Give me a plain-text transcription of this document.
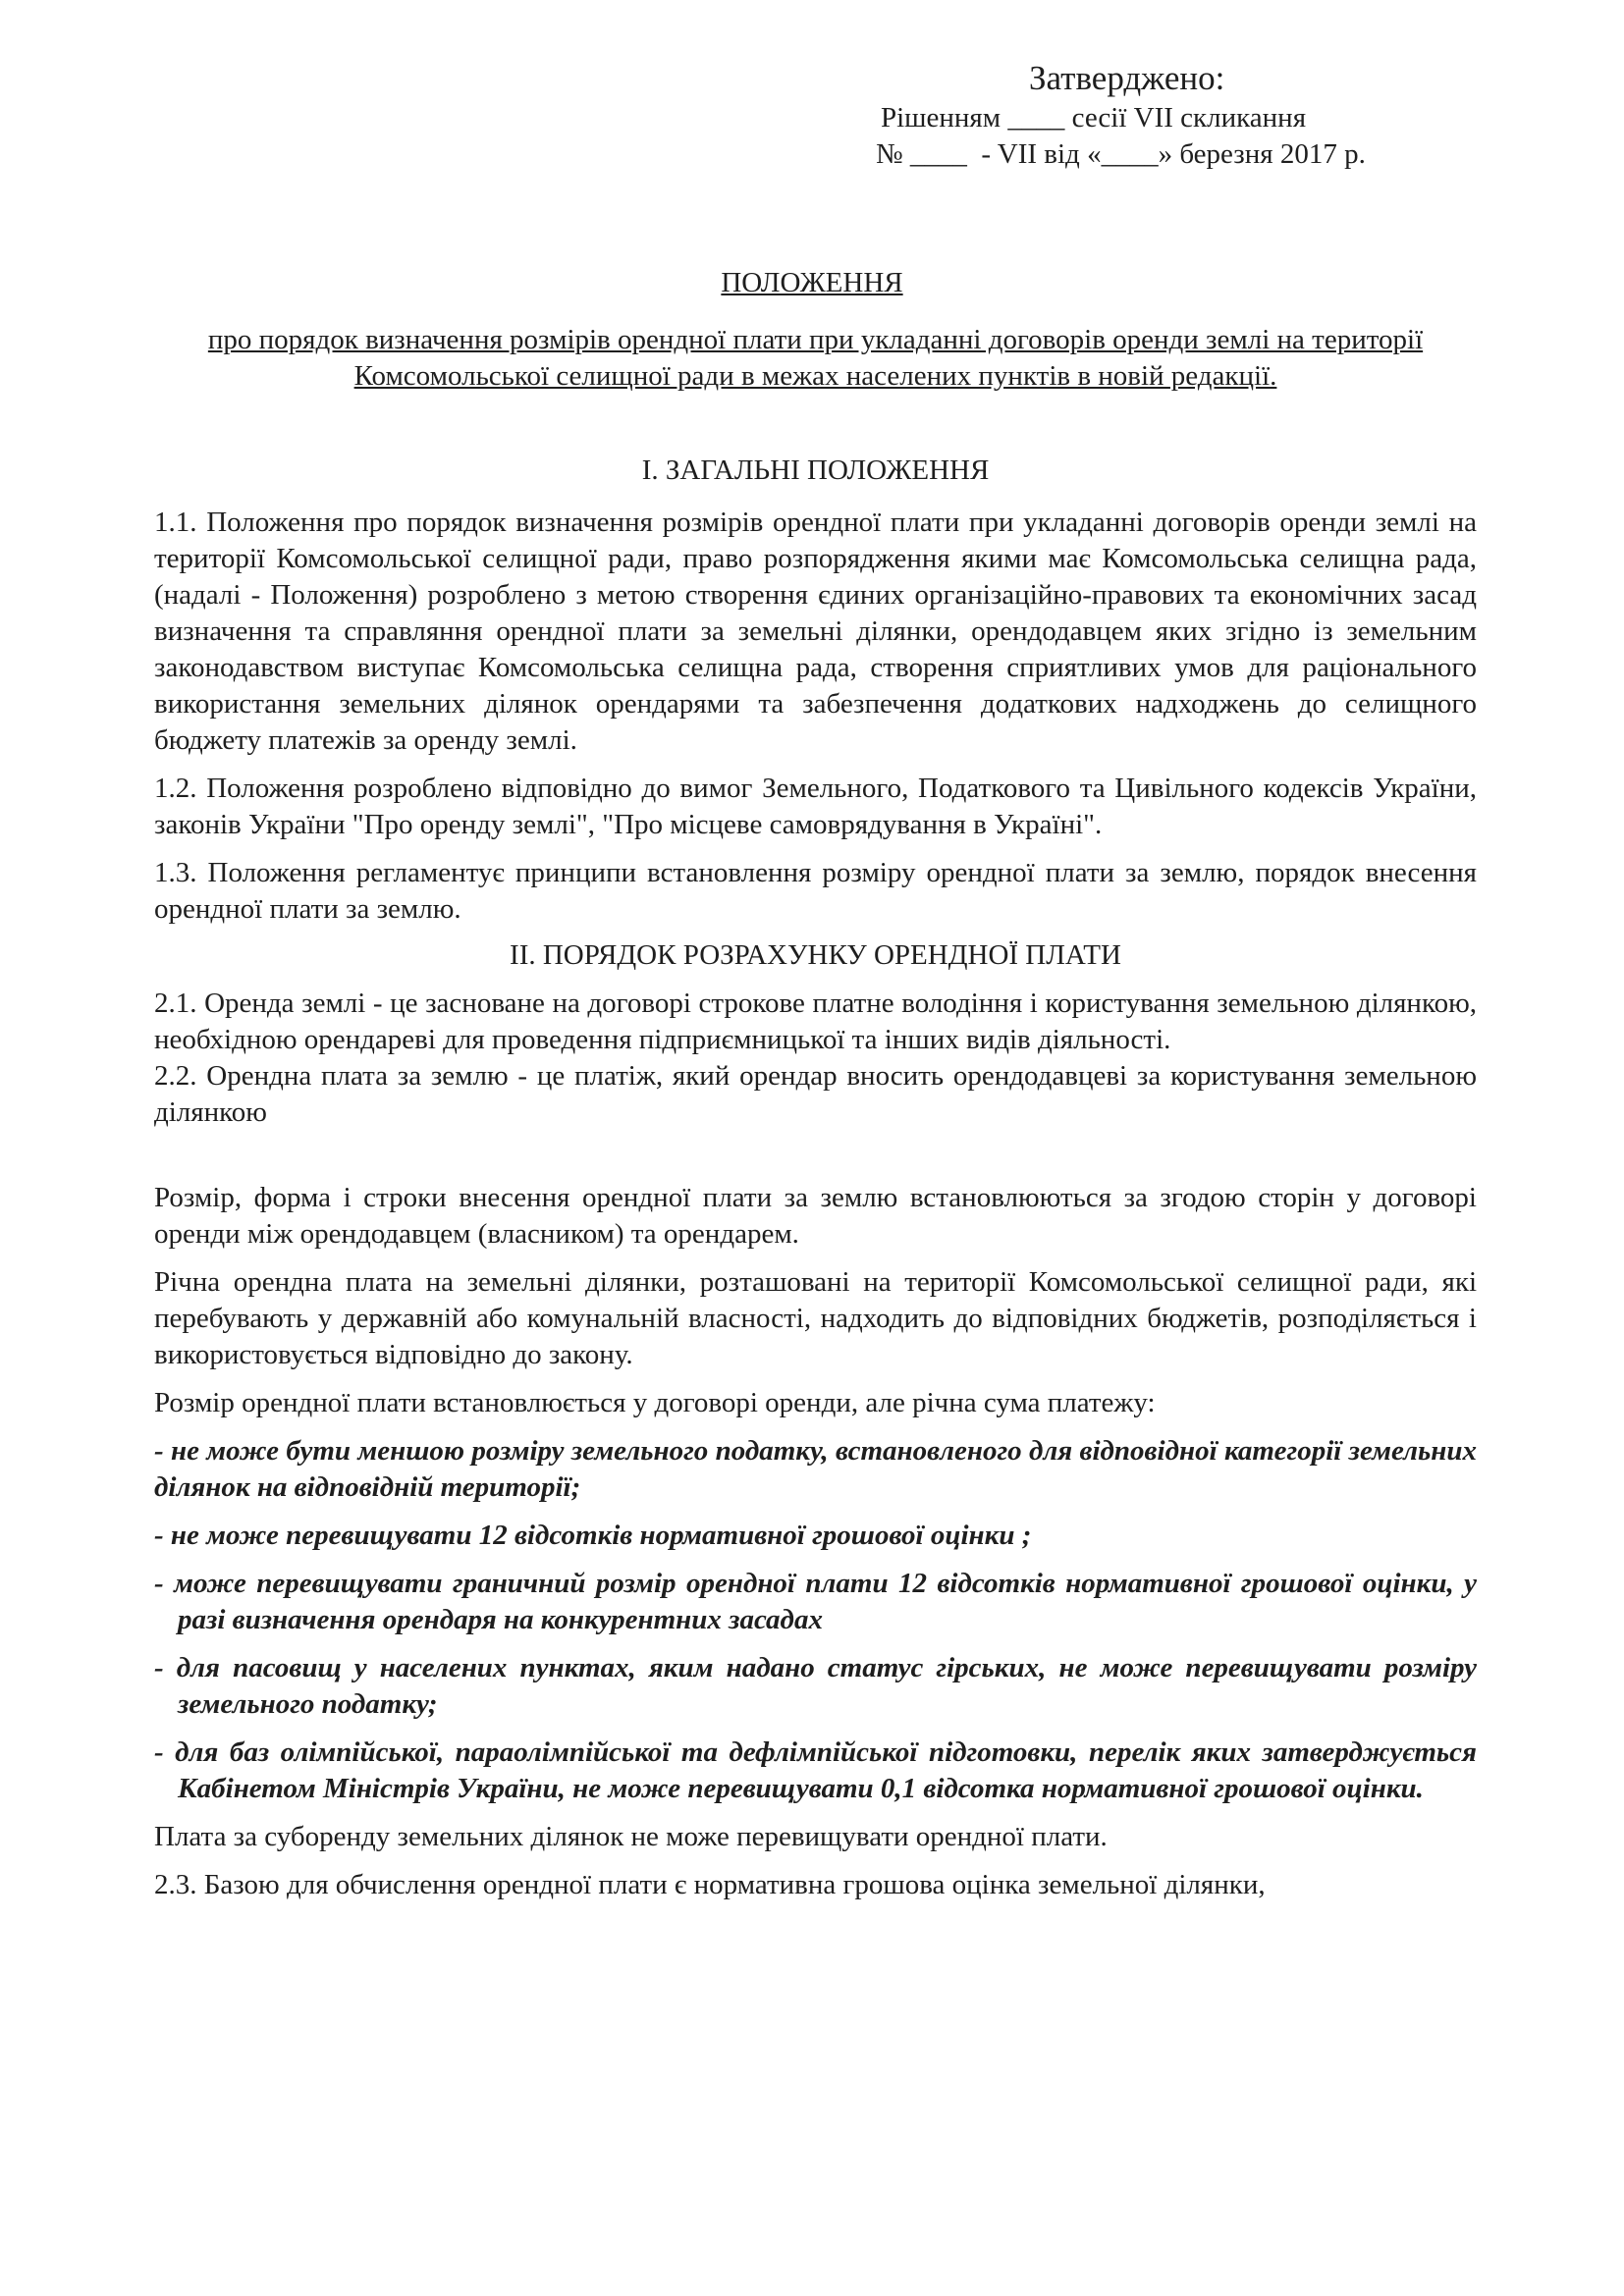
Затверджено:
Рішенням ____ сесії VII скликання
№ ____  - VII від «____» березня 2017 р.
ПОЛОЖЕННЯ
про порядок визначення розмірів орендної плати при укладанні договорів оренди землі на території Комсомольської селищної ради в межах населених пунктів в новій редакції.
І. ЗАГАЛЬНІ ПОЛОЖЕННЯ

1.1. Положення про порядок визначення розмірів орендної плати при укладанні договорів оренди землі на території Комсомольської селищної ради, право розпорядження якими має Комсомольська селищна рада, (надалі - Положення) розроблено з метою створення єдиних організаційно-правових та економічних засад визначення та справляння орендної плати за земельні ділянки, орендодавцем яких згідно із земельним законодавством виступає Комсомольська селищна рада, створення сприятливих умов для раціонального використання земельних ділянок орендарями та забезпечення додаткових надходжень до селищного бюджету платежів за оренду землі.

1.2. Положення розроблено відповідно до вимог Земельного, Податкового та Цивільного кодексів України, законів України "Про оренду землі", "Про місцеве самоврядування в Україні".

1.3. Положення регламентує принципи встановлення розміру орендної плати за землю, порядок внесення орендної плати за землю.

ІІ. ПОРЯДОК РОЗРАХУНКУ ОРЕНДНОЇ ПЛАТИ

2.1. Оренда землі - це засноване на договорі строкове платне володіння і користування земельною ділянкою, необхідною орендареві для проведення підприємницької та інших видів діяльності.

2.2. Орендна плата за землю - це платіж, який орендар вносить орендодавцеві за користування земельною ділянкою

Розмір, форма і строки внесення орендної плати за землю встановлюються за згодою сторін у договорі оренди між орендодавцем (власником) та орендарем.

Річна орендна плата на земельні ділянки, розташовані на території Комсомольської селищної ради, які перебувають у державній або комунальній власності, надходить до відповідних бюджетів, розподіляється і використовується відповідно до закону.

Розмір орендної плати встановлюється у договорі оренди, але річна сума платежу:

- не може бути меншою розміру земельного податку, встановленого для відповідної категорії земельних ділянок на відповідній території;

- не може перевищувати 12 відсотків нормативної грошової оцінки ;

- може перевищувати граничний розмір орендної плати 12 відсотків нормативної грошової оцінки, у разі визначення орендаря на конкурентних засадах

- для пасовищ у населених пунктах, яким надано статус гірських, не може перевищувати розміру земельного податку;

- для баз олімпійської, параолімпійської та дефлімпійської підготовки, перелік яких затверджується Кабінетом Міністрів України, не може перевищувати 0,1 відсотка нормативної грошової оцінки.

Плата за суборенду земельних ділянок не може перевищувати орендної плати.

2.3. Базою для обчислення орендної плати є нормативна грошова оцінка земельної ділянки,
